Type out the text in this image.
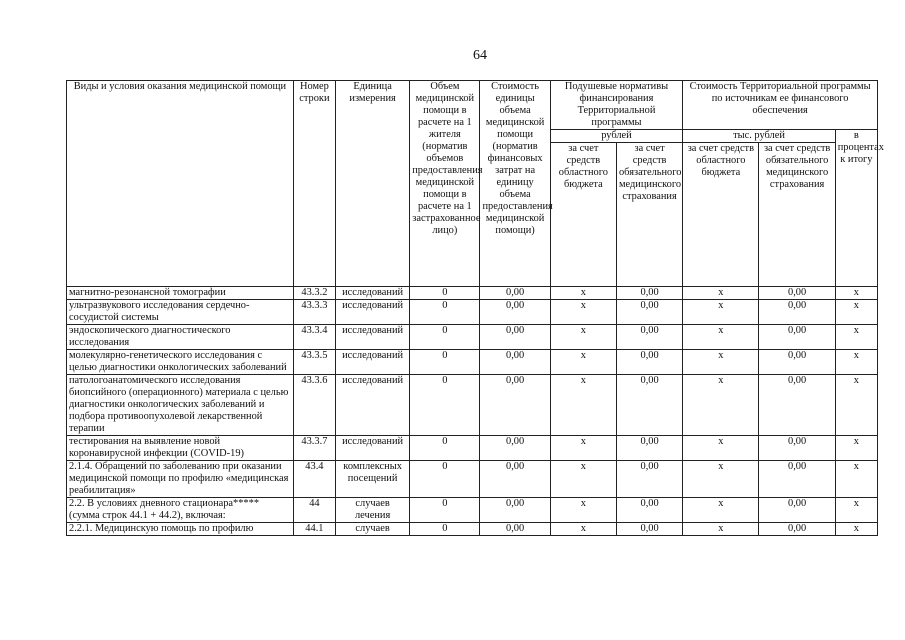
64
Виды и условия оказания медицинской помощи	Номер строки	Единица измерения	Объем медицинской помощи в расчете на 1 жителя (норматив объемов предоставления медицинской помощи в расчете на 1 застрахованное лицо)	Стоимость единицы объема медицинской помощи (норматив финансовых затрат на единицу объема предоставления медицинской помощи)	Подушевые нормативы финансирования Территориальной программы		Стоимость Территориальной программы по источникам ее финансового обеспечения		
					рублей		тыс. рублей		в процентах к итогу
					за счет средств областного бюджета	за счет средств обязательного медицинского страхования	за счет средств областного бюджета	за счет средств обязательного медицинского страхования	
магнитно-резонансной томографии	43.3.2	исследований	0	0,00	х	0,00	х	0,00	х
ультразвукового исследования сердечно-сосудистой системы	43.3.3	исследований	0	0,00	х	0,00	х	0,00	х
эндоскопического диагностического исследования	43.3.4	исследований	0	0,00	х	0,00	х	0,00	х
молекулярно-генетического исследования с целью диагностики онкологических заболеваний	43.3.5	исследований	0	0,00	х	0,00	х	0,00	х
патологоанатомического исследования биопсийного (операционного) материала с целью диагностики онкологических заболеваний и подбора противоопухолевой лекарственной терапии	43.3.6	исследований	0	0,00	х	0,00	х	0,00	х
тестирования на выявление новой коронавирусной инфекции (COVID-19)	43.3.7	исследований	0	0,00	х	0,00	х	0,00	х
2.1.4. Обращений по заболеванию при оказании медицинской помощи по профилю «медицинская реабилитация»	43.4	комплексных посещений	0	0,00	х	0,00	х	0,00	х
2.2. В условиях дневного стационара***** (сумма строк 44.1 + 44.2), включая:	44	случаев лечения	0	0,00	х	0,00	х	0,00	х
2.2.1. Медицинскую помощь по профилю	44.1	случаев	0	0,00	х	0,00	х	0,00	х
